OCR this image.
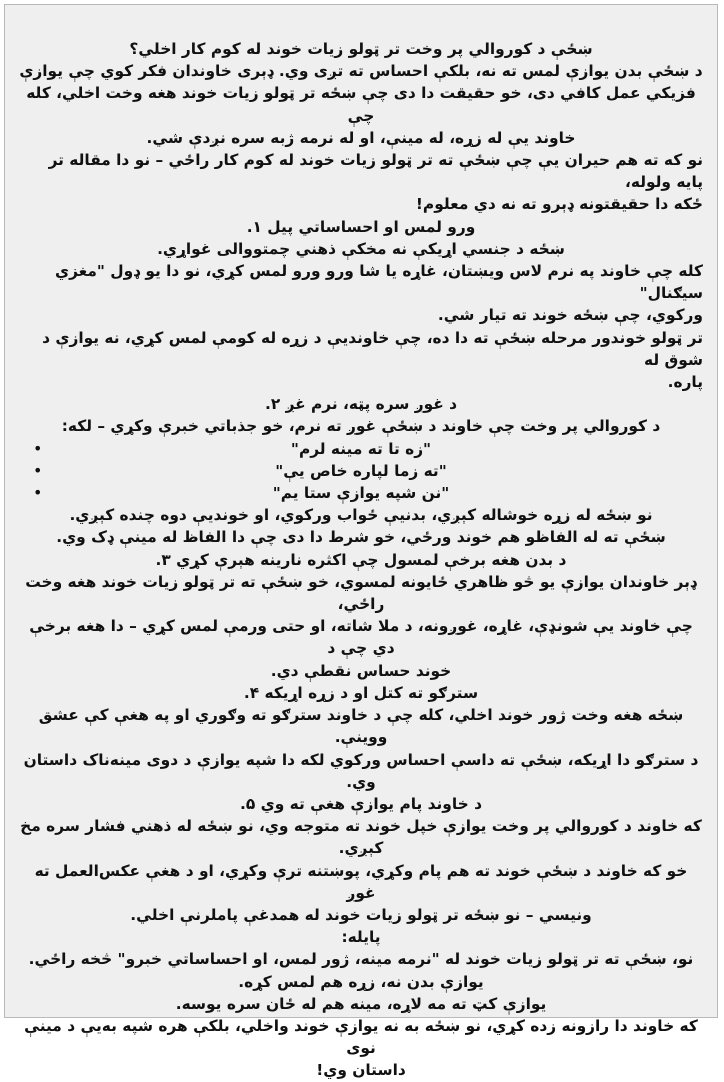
ښځې د کوروالي پر وخت تر ټولو زيات خوند له کوم کار اخلي؟

د ښځې بدن يوازې لمس ته نه، بلکې احساس ته تږی وي. ډېری خاوندان فکر کوي چې يوازې

فزيکي عمل کافي دی، خو حقيقت دا دی چې ښځه تر ټولو زيات خوند هغه وخت اخلي، کله چې

خاوند يې له زړه، له مينې، او له نرمه ژبه سره نږدې شي.

نو که ته هم حيران يې چې ښځې ته تر ټولو زيات خوند له کوم کار راځي – نو دا مقاله تر پايه ولوله،

ځکه دا حقيقتونه ډېرو ته نه دي معلوم!

ورو لمس او احساساتي پيل ۱.

ښځه د جنسي اړيکې نه مخکې ذهني چمتووالی غواړي.

کله چې خاوند په نرم لاس ويښتان، غاړه يا شا ورو ورو لمس کړي، نو دا يو ډول "مغزي سيګنال"

ورکوي، چې ښځه خوند ته تيار شي.

تر ټولو خوندور مرحله ښځې ته دا ده، چې خاونديې د زړه له کومې لمس کړي، نه يوازې د شوق له

پاره.

د غوږ سره پټه، نرم غږ ۲.

د کوروالي پر وخت چې خاوند د ښځې غوږ ته نرم، خو جذباتي خبرې وکړي – لکه:

"زه تا ته مينه لرم"
•

"ته زما لپاره خاص يې"
•

"نن شپه يوازې ستا يم"
•

نو ښځه له زړه خوشاله کېږي، بدنيې ځواب ورکوي، او خونديې دوه چنده کېږي.

ښځې ته له الفاظو هم خوند ورځي، خو شرط دا دی چې دا الفاظ له مينې ډک وي.

د بدن هغه برخې لمسول چې اکثره نارينه هېرې کړي ۳.

ډېر خاوندان يوازې يو څو ظاهري ځايونه لمسوي، خو ښځې ته تر ټولو زيات خوند هغه وخت راځي،

چې خاوند يې شونډې، غاړه، غوږونه، د ملا شاته، او حتی ورمې لمس کړي – دا هغه برخې دي چې د

خوند حساس نقطې دي.

سترګو ته کتل او د زړه اړيکه ۴.

ښځه هغه وخت ژور خوند اخلي، کله چې د خاوند سترګو ته وګوري او په هغې کې عشق ووينې.

د سترګو دا اړيکه، ښځې ته داسې احساس ورکوي لکه دا شپه يوازې د دوی مينه‌ناک داستان وي.

د خاوند پام يوازې هغې ته وي ۵.

که خاوند د کوروالي پر وخت يوازې خپل خوند ته متوجه وي، نو ښځه له ذهني فشار سره مخ کېږي.

خو که خاوند د ښځې خوند ته هم پام وکړي، پوښتنه ترې وکړي، او د هغې عکس‌العمل ته غوږ

ونيسي – نو ښځه تر ټولو زيات خوند له همدغې پاملرنې اخلي.

پايله:

نو، ښځې ته تر ټولو زيات خوند له "نرمه مينه، ژور لمس، او احساساتي خبرو" څخه راځي.

يوازې بدن نه، زړه هم لمس کړه.

يوازې کټ ته مه لاړه، مينه هم له ځان سره يوسه.

که خاوند دا رازونه زده کړي، نو ښځه به نه يوازې خوند واخلي، بلکې هره شپه به‌يې د مينې نوی

داستان وي!
